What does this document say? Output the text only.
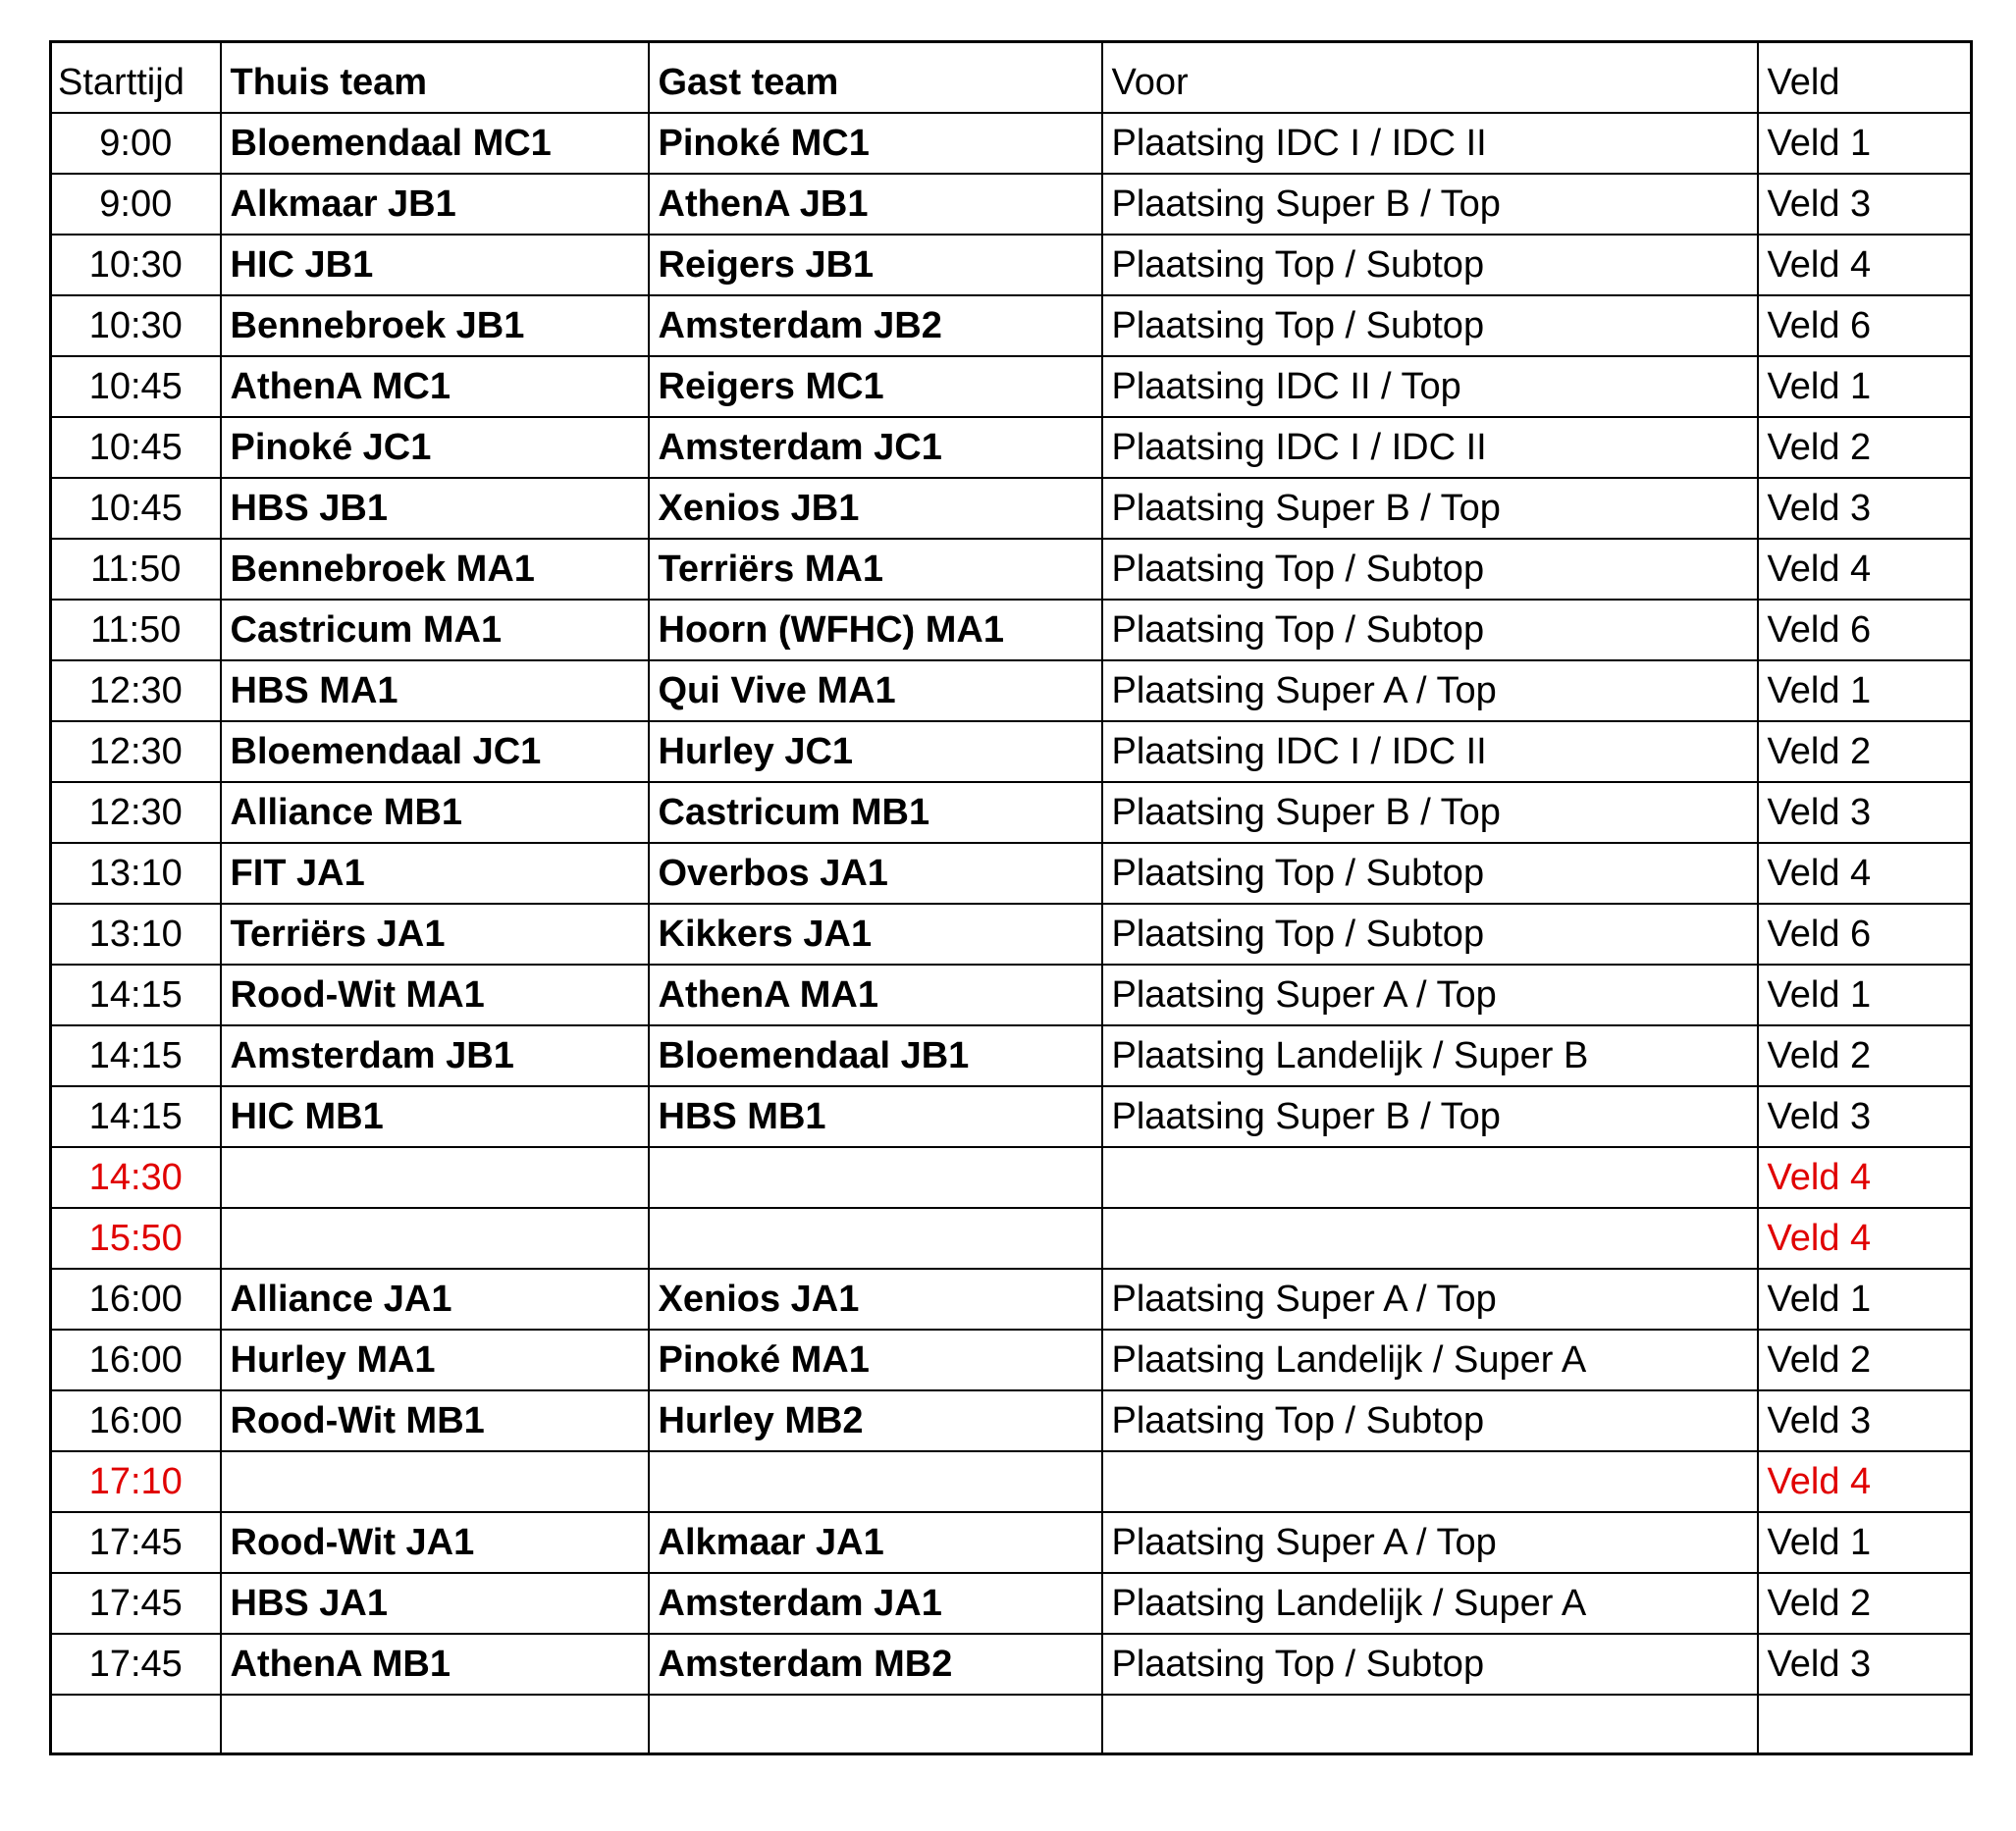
Starttijd	Thuis team	Gast team	Voor	Veld
9:00	Bloemendaal MC1	Pinoké MC1	Plaatsing IDC I / IDC II	Veld 1
9:00	Alkmaar JB1	AthenA JB1	Plaatsing Super B / Top	Veld 3
10:30	HIC JB1	Reigers JB1	Plaatsing Top / Subtop	Veld 4
10:30	Bennebroek JB1	Amsterdam JB2	Plaatsing Top / Subtop	Veld 6
10:45	AthenA MC1	Reigers MC1	Plaatsing IDC II / Top	Veld 1
10:45	Pinoké JC1	Amsterdam JC1	Plaatsing IDC I / IDC II	Veld 2
10:45	HBS JB1	Xenios JB1	Plaatsing Super B / Top	Veld 3
11:50	Bennebroek MA1	Terriërs MA1	Plaatsing Top / Subtop	Veld 4
11:50	Castricum MA1	Hoorn (WFHC) MA1	Plaatsing Top / Subtop	Veld 6
12:30	HBS MA1	Qui Vive MA1	Plaatsing Super A / Top	Veld 1
12:30	Bloemendaal JC1	Hurley JC1	Plaatsing IDC I / IDC II	Veld 2
12:30	Alliance MB1	Castricum MB1	Plaatsing Super B / Top	Veld 3
13:10	FIT JA1	Overbos JA1	Plaatsing Top / Subtop	Veld 4
13:10	Terriërs JA1	Kikkers JA1	Plaatsing Top / Subtop	Veld 6
14:15	Rood-Wit MA1	AthenA MA1	Plaatsing Super A / Top	Veld 1
14:15	Amsterdam JB1	Bloemendaal JB1	Plaatsing Landelijk / Super B	Veld 2
14:15	HIC MB1	HBS MB1	Plaatsing Super B / Top	Veld 3
14:30				Veld 4
15:50				Veld 4
16:00	Alliance JA1	Xenios JA1	Plaatsing Super A / Top	Veld 1
16:00	Hurley MA1	Pinoké MA1	Plaatsing Landelijk / Super A	Veld 2
16:00	Rood-Wit MB1	Hurley MB2	Plaatsing Top / Subtop	Veld 3
17:10				Veld 4
17:45	Rood-Wit JA1	Alkmaar JA1	Plaatsing Super A / Top	Veld 1
17:45	HBS JA1	Amsterdam JA1	Plaatsing Landelijk / Super A	Veld 2
17:45	AthenA MB1	Amsterdam MB2	Plaatsing Top / Subtop	Veld 3
